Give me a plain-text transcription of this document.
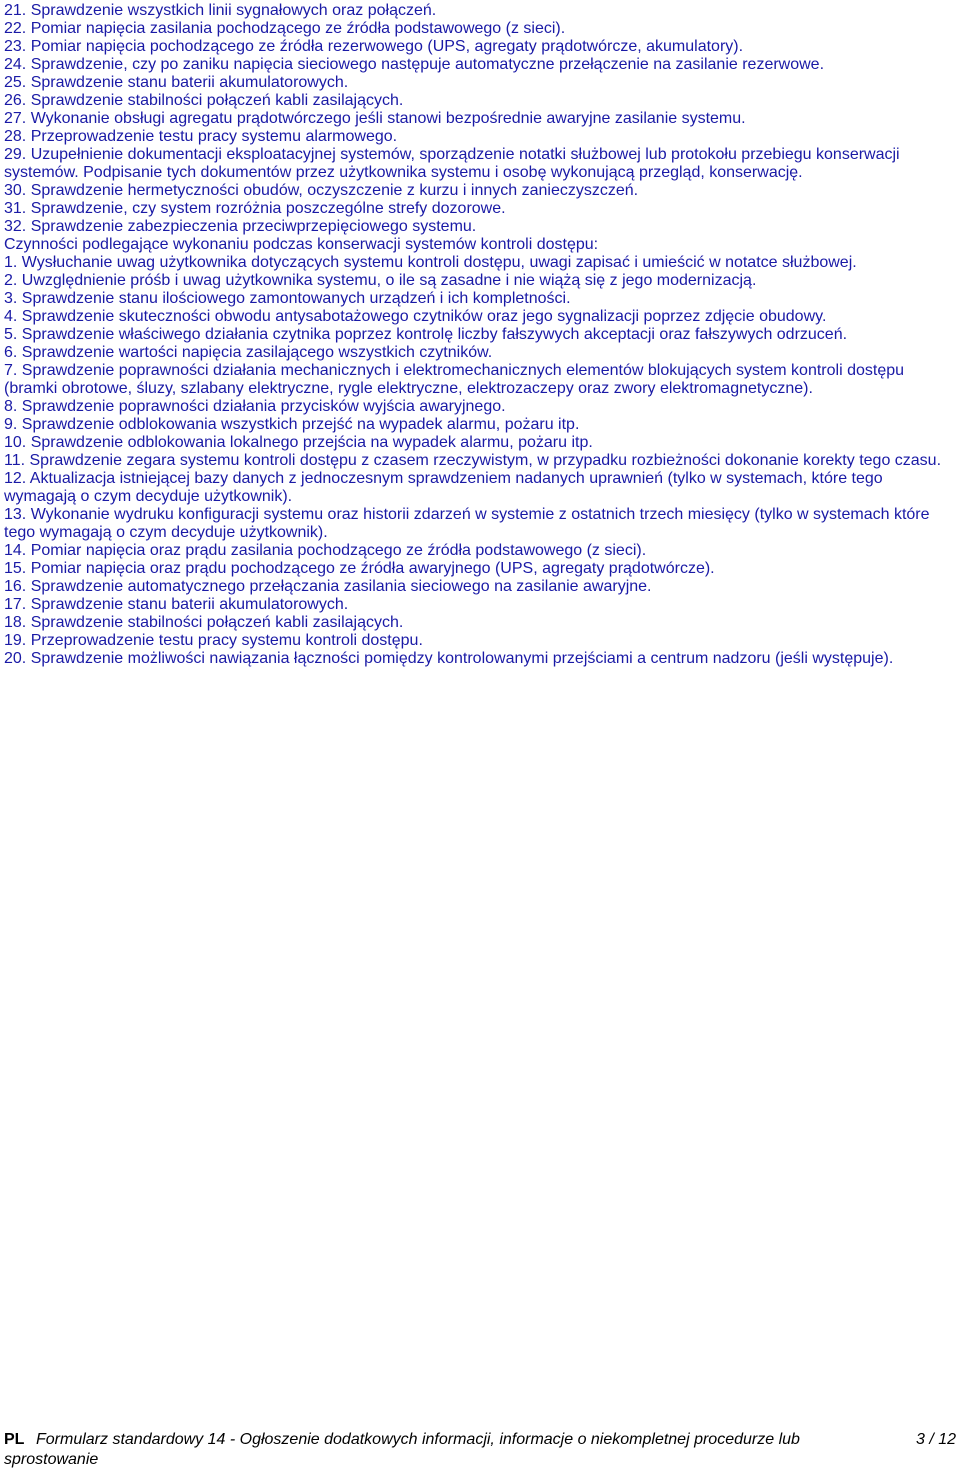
21. Sprawdzenie wszystkich linii sygnałowych oraz połączeń.

22. Pomiar napięcia zasilania pochodzącego ze źródła podstawowego (z sieci).

23. Pomiar napięcia pochodzącego ze źródła rezerwowego (UPS, agregaty prądotwórcze, akumulatory).

24. Sprawdzenie, czy po zaniku napięcia sieciowego następuje automatyczne przełączenie na zasilanie rezerwowe.

25. Sprawdzenie stanu baterii akumulatorowych.

26. Sprawdzenie stabilności połączeń kabli zasilających.

27. Wykonanie obsługi agregatu prądotwórczego jeśli stanowi bezpośrednie awaryjne zasilanie systemu.

28. Przeprowadzenie testu pracy systemu alarmowego.

29. Uzupełnienie dokumentacji eksploatacyjnej systemów, sporządzenie notatki służbowej lub protokołu przebiegu konserwacji systemów. Podpisanie tych dokumentów przez użytkownika systemu i osobę wykonującą przegląd, konserwację.

30. Sprawdzenie hermetyczności obudów, oczyszczenie z kurzu i innych zanieczyszczeń.

31. Sprawdzenie, czy system rozróżnia poszczególne strefy dozorowe.

32. Sprawdzenie zabezpieczenia przeciwprzepięciowego systemu.

Czynności podlegające wykonaniu podczas konserwacji systemów kontroli dostępu:

1. Wysłuchanie uwag użytkownika dotyczących systemu kontroli dostępu, uwagi zapisać i umieścić w notatce służbowej.

2. Uwzględnienie próśb i uwag użytkownika systemu, o ile są zasadne i nie wiążą się z jego modernizacją.

3. Sprawdzenie stanu ilościowego zamontowanych urządzeń i ich kompletności.

4. Sprawdzenie skuteczności obwodu antysabotażowego czytników oraz jego sygnalizacji poprzez zdjęcie obudowy.

5. Sprawdzenie właściwego działania czytnika poprzez kontrolę liczby fałszywych akceptacji oraz fałszywych odrzuceń.

6. Sprawdzenie wartości napięcia zasilającego wszystkich czytników.

7. Sprawdzenie poprawności działania mechanicznych i elektromechanicznych elementów blokujących system kontroli dostępu (bramki obrotowe, śluzy, szlabany elektryczne, rygle elektryczne, elektrozaczepy oraz zwory elektromagnetyczne).

8. Sprawdzenie poprawności działania przycisków wyjścia awaryjnego.

9. Sprawdzenie odblokowania wszystkich przejść na wypadek alarmu, pożaru itp.

10. Sprawdzenie odblokowania lokalnego przejścia na wypadek alarmu, pożaru itp.

11. Sprawdzenie zegara systemu kontroli dostępu z czasem rzeczywistym, w przypadku rozbieżności dokonanie korekty tego czasu.

12. Aktualizacja istniejącej bazy danych z jednoczesnym sprawdzeniem nadanych uprawnień (tylko w systemach, które tego wymagają o czym decyduje użytkownik).

13. Wykonanie wydruku konfiguracji systemu oraz historii zdarzeń w systemie z ostatnich trzech miesięcy (tylko w systemach które tego wymagają o czym decyduje użytkownik).

14. Pomiar napięcia oraz prądu zasilania pochodzącego ze źródła podstawowego (z sieci).

15. Pomiar napięcia oraz prądu pochodzącego ze źródła awaryjnego (UPS, agregaty prądotwórcze).

16. Sprawdzenie automatycznego przełączania zasilania sieciowego na zasilanie awaryjne.

17. Sprawdzenie stanu baterii akumulatorowych.

18. Sprawdzenie stabilności połączeń kabli zasilających.

19. Przeprowadzenie testu pracy systemu kontroli dostępu.

20. Sprawdzenie możliwości nawiązania łączności pomiędzy kontrolowanymi przejściami a centrum nadzoru (jeśli występuje).

PL Formularz standardowy 14 - Ogłoszenie dodatkowych informacji, informacje o niekompletnej procedurze lub sprostowanie
3 / 12
